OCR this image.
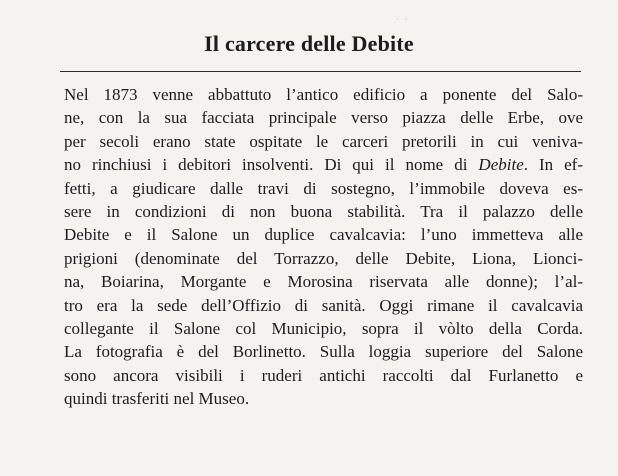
· ·
Il carcere delle Debite

Nel 1873 venne abbattuto l’antico edificio a ponente del Salo-
ne, con la sua facciata principale verso piazza delle Erbe, ove
per secoli erano state ospitate le carceri pretorili in cui veniva-
no rinchiusi i debitori insolventi. Di qui il nome di Debite. In ef-
fetti, a giudicare dalle travi di sostegno, l’immobile doveva es-
sere in condizioni di non buona stabilità. Tra il palazzo delle
Debite e il Salone un duplice cavalcavia: l’uno immetteva alle
prigioni (denominate del Torrazzo, delle Debite, Liona, Lionci-
na, Boiarina, Morgante e Morosina riservata alle donne); l’al-
tro era la sede dell’Offizio di sanità. Oggi rimane il cavalcavia
collegante il Salone col Municipio, sopra il vòlto della Corda.
La fotografia è del Borlinetto. Sulla loggia superiore del Salone
sono ancora visibili i ruderi antichi raccolti dal Furlanetto e
quindi trasferiti nel Museo.
